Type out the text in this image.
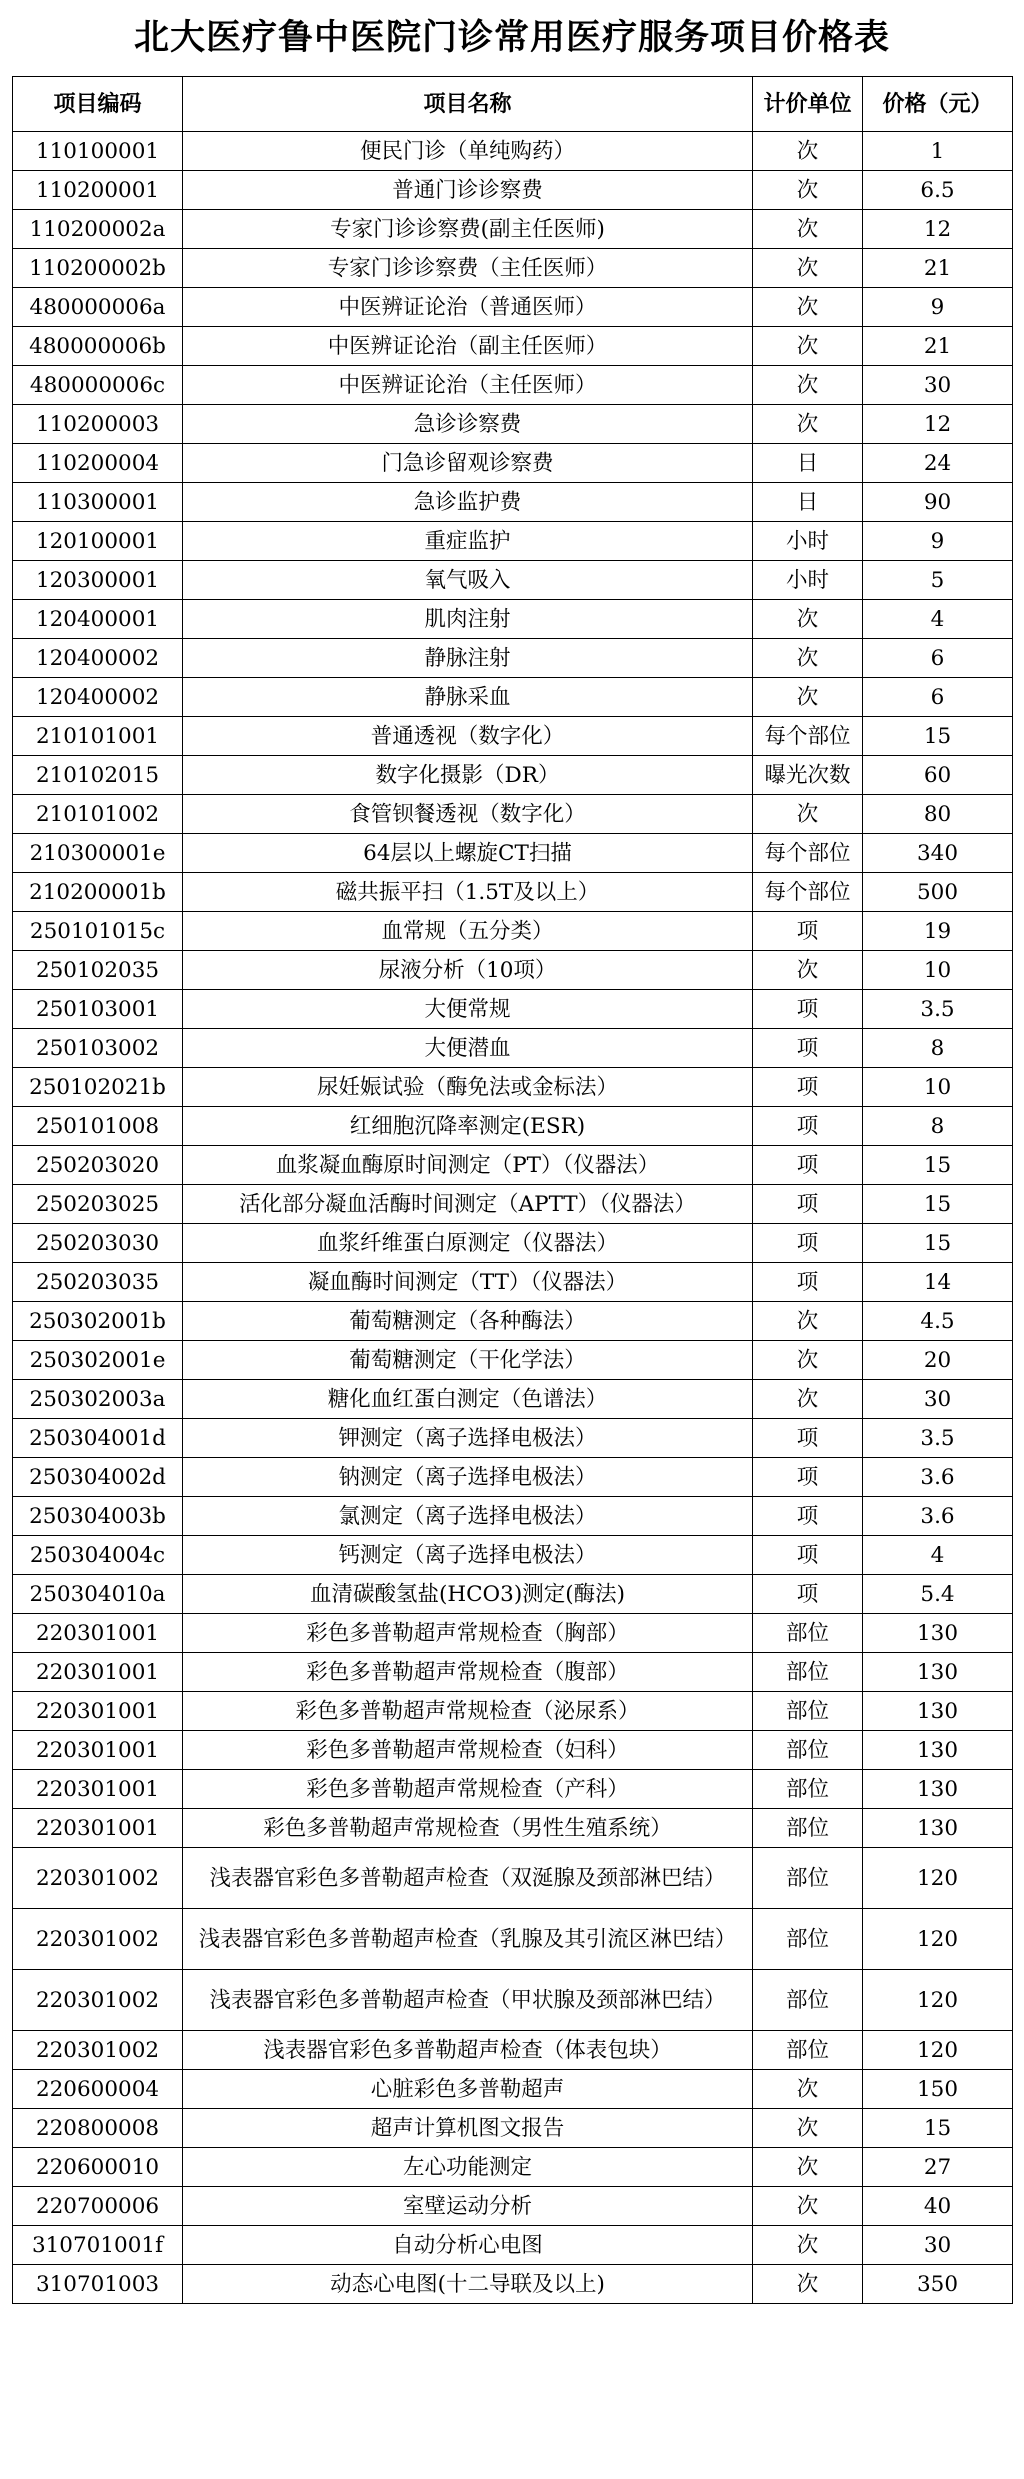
北大医疗鲁中医院门诊常用医疗服务项目价格表
项目编码	项目名称	计价单位	价格（元）
110100001	便民门诊（单纯购药）	次	1
110200001	普通门诊诊察费	次	6.5
110200002a	专家门诊诊察费(副主任医师)	次	12
110200002b	专家门诊诊察费（主任医师）	次	21
480000006a	中医辨证论治（普通医师）	次	9
480000006b	中医辨证论治（副主任医师）	次	21
480000006c	中医辨证论治（主任医师）	次	30
110200003	急诊诊察费	次	12
110200004	门急诊留观诊察费	日	24
110300001	急诊监护费	日	90
120100001	重症监护	小时	9
120300001	氧气吸入	小时	5
120400001	肌肉注射	次	4
120400002	静脉注射	次	6
120400002	静脉采血	次	6
210101001	普通透视（数字化）	每个部位	15
210102015	数字化摄影（DR）	曝光次数	60
210101002	食管钡餐透视（数字化）	次	80
210300001e	64层以上螺旋CT扫描	每个部位	340
210200001b	磁共振平扫（1.5T及以上）	每个部位	500
250101015c	血常规（五分类）	项	19
250102035	尿液分析（10项）	次	10
250103001	大便常规	项	3.5
250103002	大便潜血	项	8
250102021b	尿妊娠试验（酶免法或金标法）	项	10
250101008	红细胞沉降率测定(ESR)	项	8
250203020	血浆凝血酶原时间测定（PT）（仪器法）	项	15
250203025	活化部分凝血活酶时间测定（APTT）（仪器法）	项	15
250203030	血浆纤维蛋白原测定（仪器法）	项	15
250203035	凝血酶时间测定（TT）（仪器法）	项	14
250302001b	葡萄糖测定（各种酶法）	次	4.5
250302001e	葡萄糖测定（干化学法）	次	20
250302003a	糖化血红蛋白测定（色谱法）	次	30
250304001d	钾测定（离子选择电极法）	项	3.5
250304002d	钠测定（离子选择电极法）	项	3.6
250304003b	氯测定（离子选择电极法）	项	3.6
250304004c	钙测定（离子选择电极法）	项	4
250304010a	血清碳酸氢盐(HCO3)测定(酶法)	项	5.4
220301001	彩色多普勒超声常规检查（胸部）	部位	130
220301001	彩色多普勒超声常规检查（腹部）	部位	130
220301001	彩色多普勒超声常规检查（泌尿系）	部位	130
220301001	彩色多普勒超声常规检查（妇科）	部位	130
220301001	彩色多普勒超声常规检查（产科）	部位	130
220301001	彩色多普勒超声常规检查（男性生殖系统）	部位	130
220301002	浅表器官彩色多普勒超声检查（双涎腺及颈部淋巴结）	部位	120
220301002	浅表器官彩色多普勒超声检查（乳腺及其引流区淋巴结）	部位	120
220301002	浅表器官彩色多普勒超声检查（甲状腺及颈部淋巴结）	部位	120
220301002	浅表器官彩色多普勒超声检查（体表包块）	部位	120
220600004	心脏彩色多普勒超声	次	150
220800008	超声计算机图文报告	次	15
220600010	左心功能测定	次	27
220700006	室壁运动分析	次	40
310701001f	自动分析心电图	次	30
310701003	动态心电图(十二导联及以上)	次	350
